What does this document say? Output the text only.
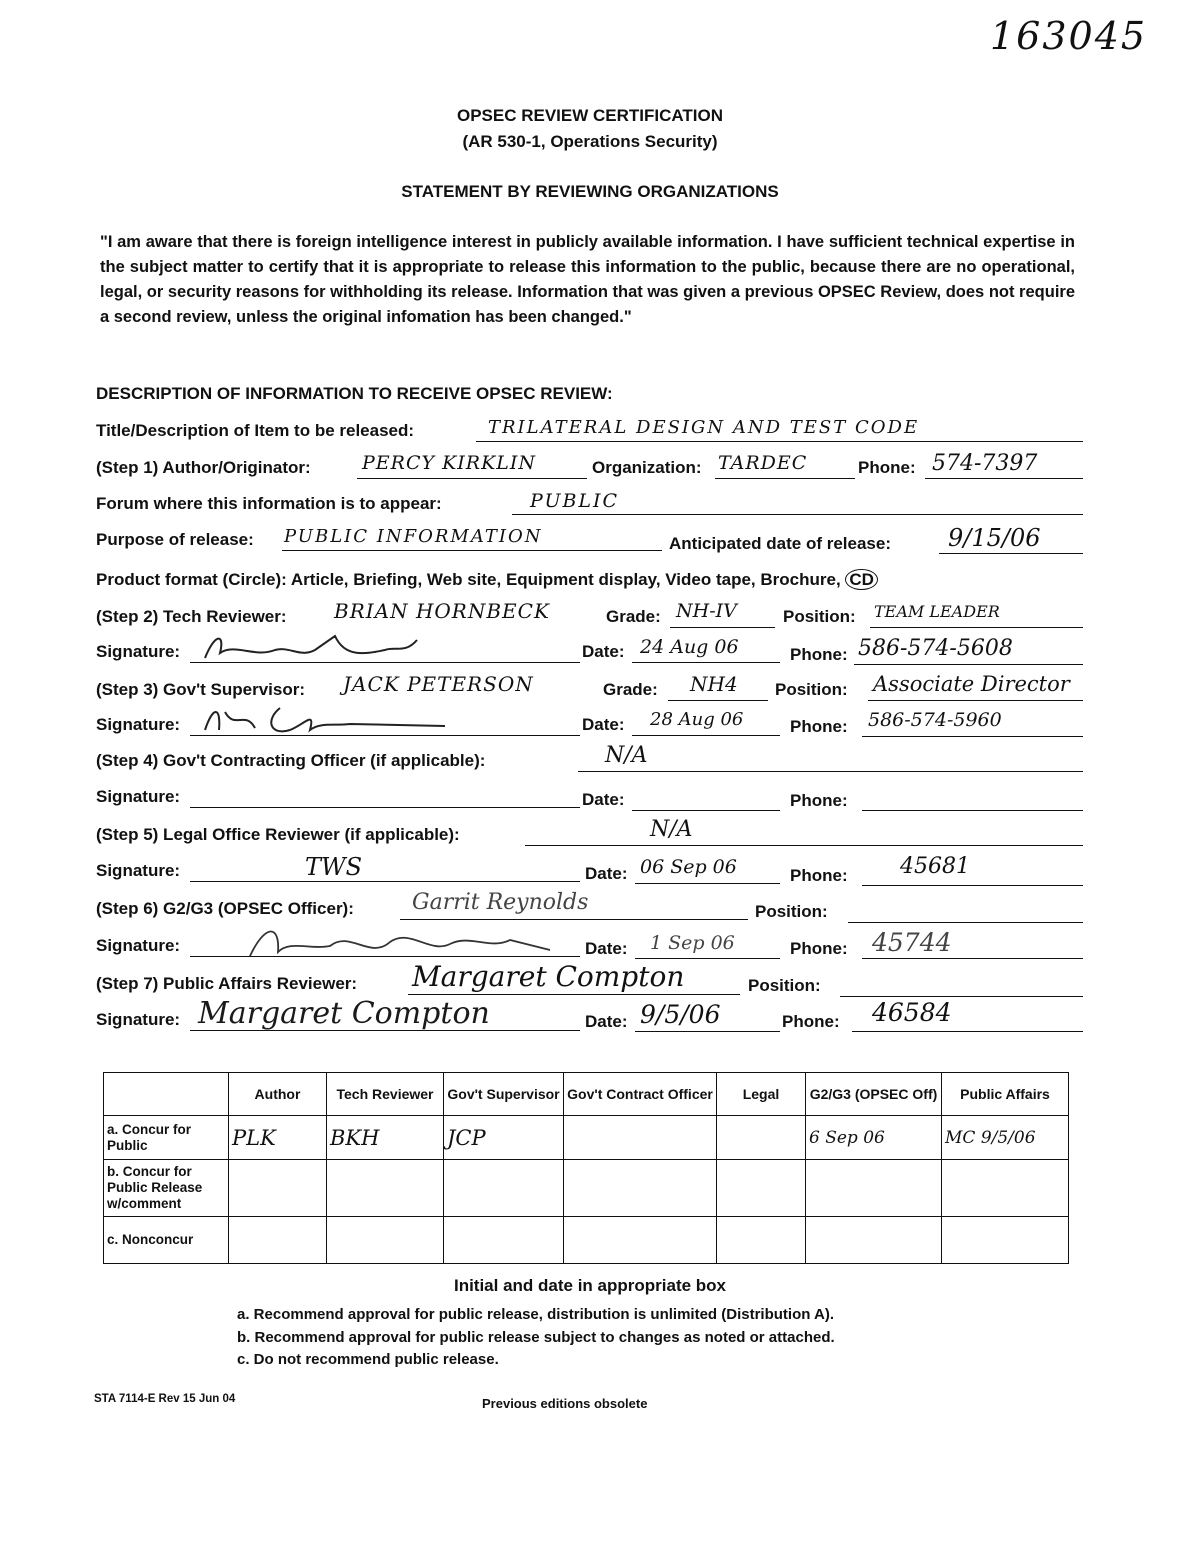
163045
OPSEC REVIEW CERTIFICATION
(AR 530-1, Operations Security)
STATEMENT BY REVIEWING ORGANIZATIONS
"I am aware that there is foreign intelligence interest in publicly available information. I have sufficient technical expertise in the subject matter to certify that it is appropriate to release this information to the public, because there are no operational, legal, or security reasons for withholding its release. Information that was given a previous OPSEC Review, does not require a second review, unless the original infomation has been changed."
DESCRIPTION OF INFORMATION TO RECEIVE OPSEC REVIEW:
Title/Description of Item to be released:	TRILATERAL DESIGN AND TEST CODE
(Step 1) Author/Originator:	PERCY KIRKLIN	Organization: TARDEC	Phone: 574-7397
Forum where this information is to appear:	PUBLIC
Purpose of release: PUBLIC INFORMATION	Anticipated date of release: 9/15/06
Product format (Circle): Article, Briefing, Web site, Equipment display, Video tape, Brochure, CD
(Step 2) Tech Reviewer: BRIAN HORNBECK	Grade: NH-IV	Position: TEAM LEADER
Signature:	Date: 24 Aug 06	Phone: 586-574-5608
(Step 3) Gov't Supervisor: JACK PETERSON	Grade: NH4 Position: Associate Director
Signature:	Date: 28 Aug 06	Phone: 586-574-5960
(Step 4) Gov't Contracting Officer (if applicable):	N/A
Signature:	Date:	Phone:
(Step 5) Legal Office Reviewer (if applicable):	N/A
Signature:	TWS	Date: 06 Sep 06	Phone: 45681
(Step 6) G2/G3 (OPSEC Officer):	Garrit Reynolds	Position:
Signature:	Date: 1 Sep 06	Phone: 45744
(Step 7) Public Affairs Reviewer: Margaret Compton	Position:
Signature: Margaret Compton	Date: 9/5/06	Phone: 46584
	Author	Tech Reviewer	Gov't Supervisor	Gov't Contract Officer	Legal	G2/G3 (OPSEC Off)	Public Affairs
a. Concur for Public	PLK	BKH	JCP			6 Sep 06	MC 9/5/06
b. Concur for Public Release w/comment							
c. Nonconcur							
Initial and date in appropriate box
a. Recommend approval for public release, distribution is unlimited (Distribution A).
b. Recommend approval for public release subject to changes as noted or attached.
c. Do not recommend public release.
STA 7114-E Rev 15 Jun 04	Previous editions obsolete
